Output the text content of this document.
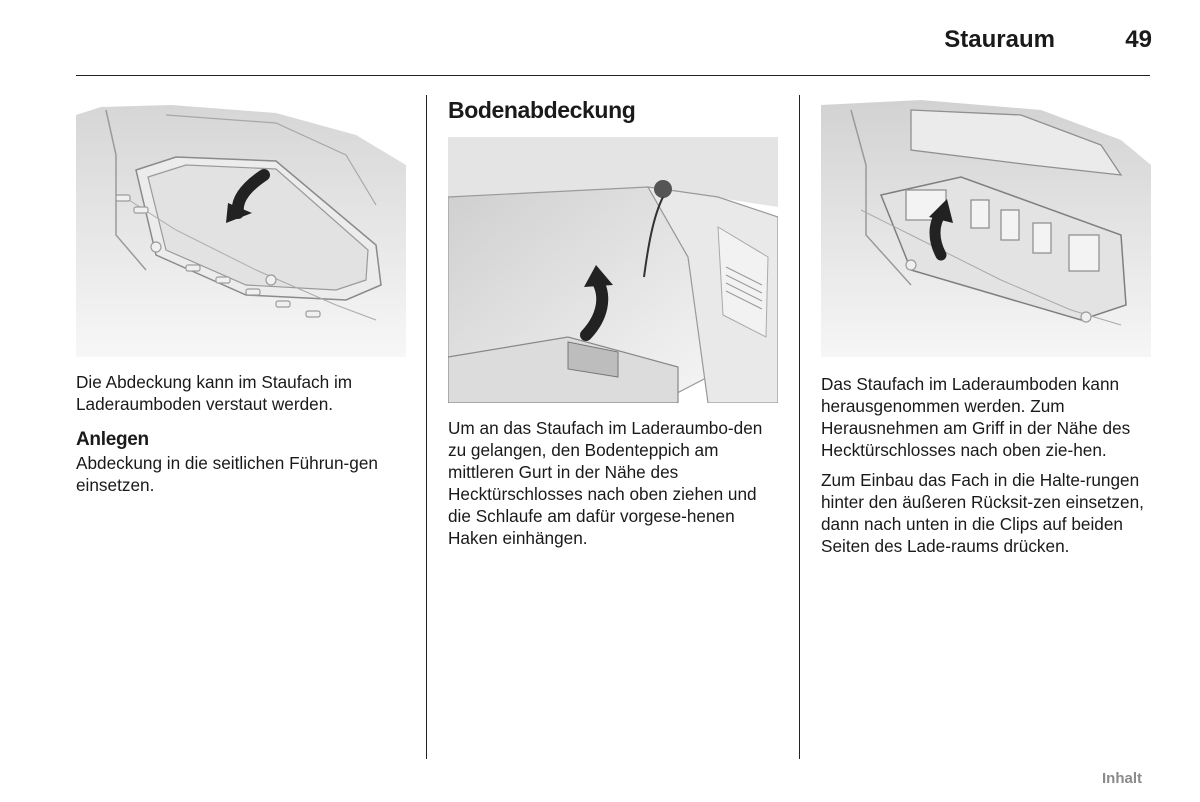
Stauraum	49

Die Abdeckung kann im Staufach im Laderaumboden verstaut werden.

Anlegen

Abdeckung in die seitlichen Führun-gen einsetzen.

Bodenabdeckung

Um an das Staufach im Laderaumbo-den zu gelangen, den Bodenteppich am mittleren Gurt in der Nähe des Hecktürschlosses nach oben ziehen und die Schlaufe am dafür vorgese-henen Haken einhängen.

Das Staufach im Laderaumboden kann herausgenommen werden. Zum Herausnehmen am Griff in der Nähe des Hecktürschlosses nach oben zie-hen.

Zum Einbau das Fach in die Halte-rungen hinter den äußeren Rücksit-zen einsetzen, dann nach unten in die Clips auf beiden Seiten des Lade-raums drücken.

Inhalt
